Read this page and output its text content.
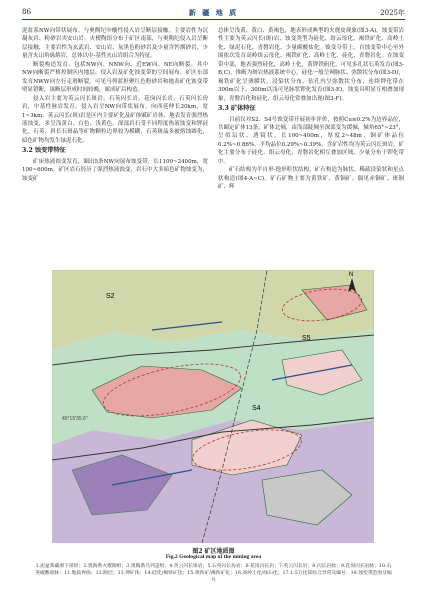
86	新 疆 地 质	2025年

泥盆系NW向带状展布。与奥陶纪中酸性侵入岩呈断层接触，主要岩性为沉凝灰岩、粉砂岩夹安山岩。火楔陶组分布于矿区南部，与奥陶纪侵入岩呈断层接触，主要岩性为玄武岩、安山岩、灰黑色粉砂岩及少量含钙烟砂岩，少量含火山角砾熔岩，总体以中-基性火山岩组合为特征。

断裂构造发育，包括NW向、NNW向、近EW向、NE向断裂。其中NW向断裂严格控制区内地层、侵入岩及矿化蚀变带的空间展布。矿区东部发育NWW向左行走滑断裂，可见马列蓝担聚红色粉砂岩和地表矿化蚀变带明显错断，该断层形成时间较晚，属成矿后构造。

侵入岩主要为英云闪长斑岩、石英闪长岩、花岗闪长岩，石英闪长玢岩，中基性脉岩发育。侵入岩呈NW向带状展布，向西延伸长20km，宽1~3km。英云闪长(斑)岩是区内主要矿化及矿体赋矿岩体，地表发育强烈热液蚀变，多呈浅黄白、白色、浅黄色。深部岩石受不同程度热液蚀变和钾硅化。石英、斜长石斑晶等矿物颗粒边界较为模糊，石英斑晶多被熔蚀圆化，暗色矿物均发生绿泥石化。

3.2 蚀变带特征

矿床热液蚀变发育，圈出5条NW向展布蚀变带，长1100~2400m，宽100~600m。矿区岩石经历了强烈热液蚀变，岩石中大多暗色矿物蚀变为，蚀变矿

总体呈浅黄、黄白、黄褐色，地表形成典型的火烧皮现象(图3-A)。蚀变带岩性主要为英云闪长(斑)岩、蚀变类型为硅化、组云母化、褐铁矿化、高岭土化、绿泥石化、青磐岩化、少量碳酸盐化。蚀变分带上，自蚀变带中心至外围依次发育高岭组云母化、褐铁矿化、高岭土化、硅化、青磐岩化。在蚀变带中部，地表强烈硅化，高岭土化，黄钾铁矾化，可见多孔状石英发育(图3-B,C)，推断为斑岩热液系统中心，硅化一般呈网脉状、弥散状分布(图3-D)，褐铁矿化呈薄膜状，浸染状分布，钻孔内呈弥散状分布，连续钾化带在300m以下，300m以浅可见脉状钾化发育(图3-E)。蚀变具明显互相叠加现象，青磐岩化和硅化、组云母化常叠加出现(图3-F)。

3.3 矿体特征

目前仅对S2、S4号蚀变带开展初步评价，按照Cu≥0.2%为边界品位，共圈定矿体13条。矿体北倾，由浅部陡倾至深部变为缓倾，倾角65°~23°，呈似层状、透镜状，长100~400m，厚度2~48m，铜矿体品位0.2%~0.86%，平均品位0.29%~0.39%。含矿岩性均为英云闪长斑岩，矿化主要分布于硅化、组云母化、青磐岩化相互叠加区域，少量分布于钾化带中。

矿石结构为半自形-他形粒状结构，矿石构造为脉状、稀疏浸染状和星点状构造(图4-A~C)。矿石矿物主要为黄铁矿、黄铜矿、偶见赤铜矿、斑铜矿、辉

S2
S4
S5
45°15'35.6"
N
图2 矿区地质图
Fig.2 Geological map of the mining area
1.泥盆系藏浙下部组；2.奥陶系火楔陶组；3.奥陶系乌列盖组；4.英云闪长斑岩；5.石英闪长玢岩；6.花岗闪长岩；7.英云闪长岩；8.闪长岩脉；9.花岗闪长岩脉；10.石英碳酸盐脉；11.地质界线；12.断层；13.钾矿体；14.硅化/褐铁矿化；15.黄铁矿/褐铁矿化；16.高岭土化/绿石化；17.1:5万化探综合异常及编号；18.蚀变带范围及编号
